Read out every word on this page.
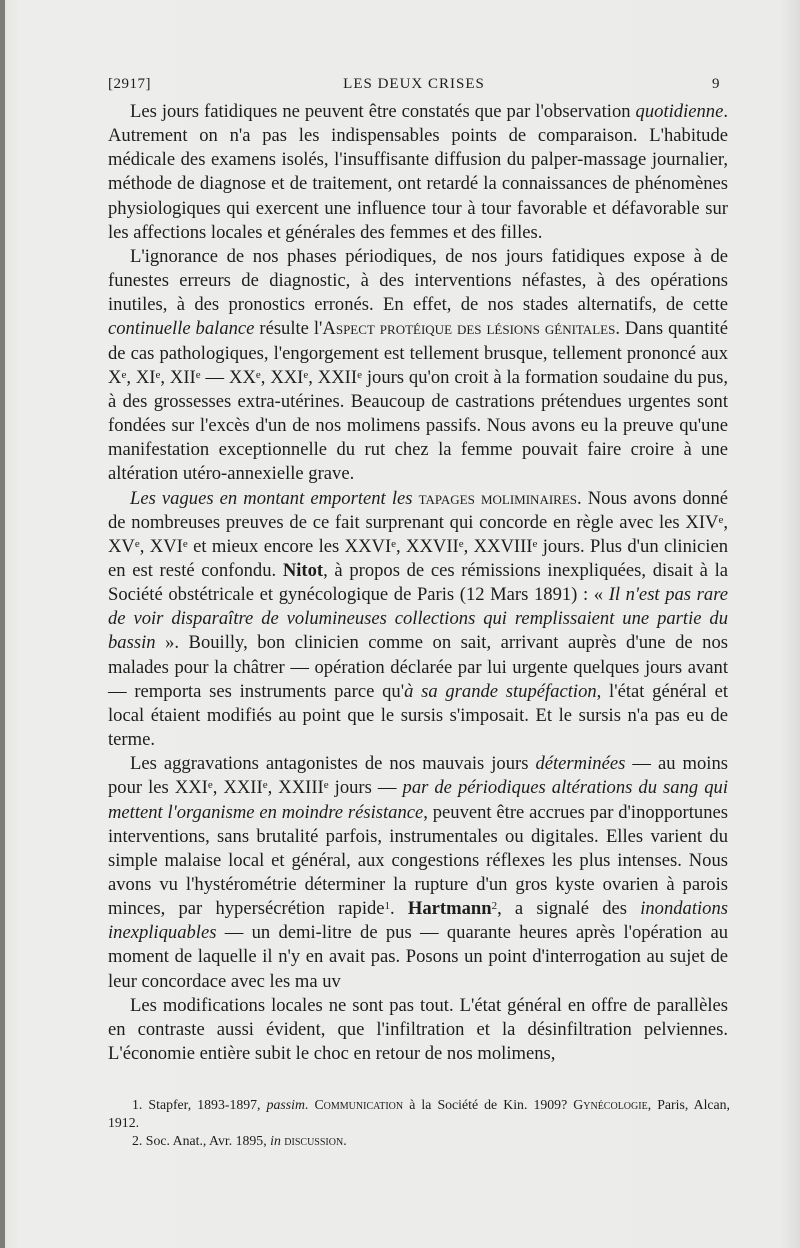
[2917]	LES DEUX CRISES	9

Les jours fatidiques ne peuvent être constatés que par l'observation quotidienne. Autrement on n'a pas les indispensables points de comparaison. L'habitude médicale des examens isolés, l'insuffisante diffusion du palper-massage journalier, méthode de diagnose et de traitement, ont retardé la connaissances de phénomènes physiologiques qui exercent une influence tour à tour favorable et défavorable sur les affections locales et générales des femmes et des filles.

L'ignorance de nos phases périodiques, de nos jours fatidiques expose à de funestes erreurs de diagnostic, à des interventions néfastes, à des opérations inutiles, à des pronostics erronés. En effet, de nos stades alternatifs, de cette continuelle balance résulte l'Aspect protéique des lésions génitales. Dans quantité de cas pathologiques, l'engorgement est tellement brusque, tellement prononcé aux Xe, XIe, XIIe — XXe, XXIe, XXIIe jours qu'on croit à la formation soudaine du pus, à des grossesses extra-utérines. Beaucoup de castrations prétendues urgentes sont fondées sur l'excès d'un de nos molimens passifs. Nous avons eu la preuve qu'une manifestation exceptionnelle du rut chez la femme pouvait faire croire à une altération utéro-annexielle grave.

Les vagues en montant emportent les tapages moliminaires. Nous avons donné de nombreuses preuves de ce fait surprenant qui concorde en règle avec les XIVe, XVe, XVIe et mieux encore les XXVIe, XXVIIe, XXVIIIe jours. Plus d'un clinicien en est resté confondu. Nitot, à propos de ces rémissions inexpliquées, disait à la Société obstétricale et gynécologique de Paris (12 Mars 1891) : « Il n'est pas rare de voir disparaître de volumineuses collections qui remplissaient une partie du bassin ». Bouilly, bon clinicien comme on sait, arrivant auprès d'une de nos malades pour la châtrer — opération déclarée par lui urgente quelques jours avant — remporta ses instruments parce qu'à sa grande stupéfaction, l'état général et local étaient modifiés au point que le sursis s'imposait. Et le sursis n'a pas eu de terme.

Les aggravations antagonistes de nos mauvais jours déterminées — au moins pour les XXIe, XXIIe, XXIIIe jours — par de périodiques altérations du sang qui mettent l'organisme en moindre résistance, peuvent être accrues par d'inopportunes interventions, sans brutalité parfois, instrumentales ou digitales. Elles varient du simple malaise local et général, aux congestions réflexes les plus intenses. Nous avons vu l'hystérométrie déterminer la rupture d'un gros kyste ovarien à parois minces, par hypersécrétion rapide$^1$. Hartmann$^2$, a signalé des inondations inexpliquables — un demi-litre de pus — quarante heures après l'opération au moment de laquelle il n'y en avait pas. Posons un point d'interrogation au sujet de leur concordace avec les ma uv

Les modifications locales ne sont pas tout. L'état général en offre de parallèles en contraste aussi évident, que l'infiltration et la désinfiltration pelviennes. L'économie entière subit le choc en retour de nos molimens,

1. Stapfer, 1893-1897, passim. Communication à la Société de Kin. 1909? Gynécologie, Paris, Alcan, 1912.

2. Soc. Anat., Avr. 1895, in discussion.
